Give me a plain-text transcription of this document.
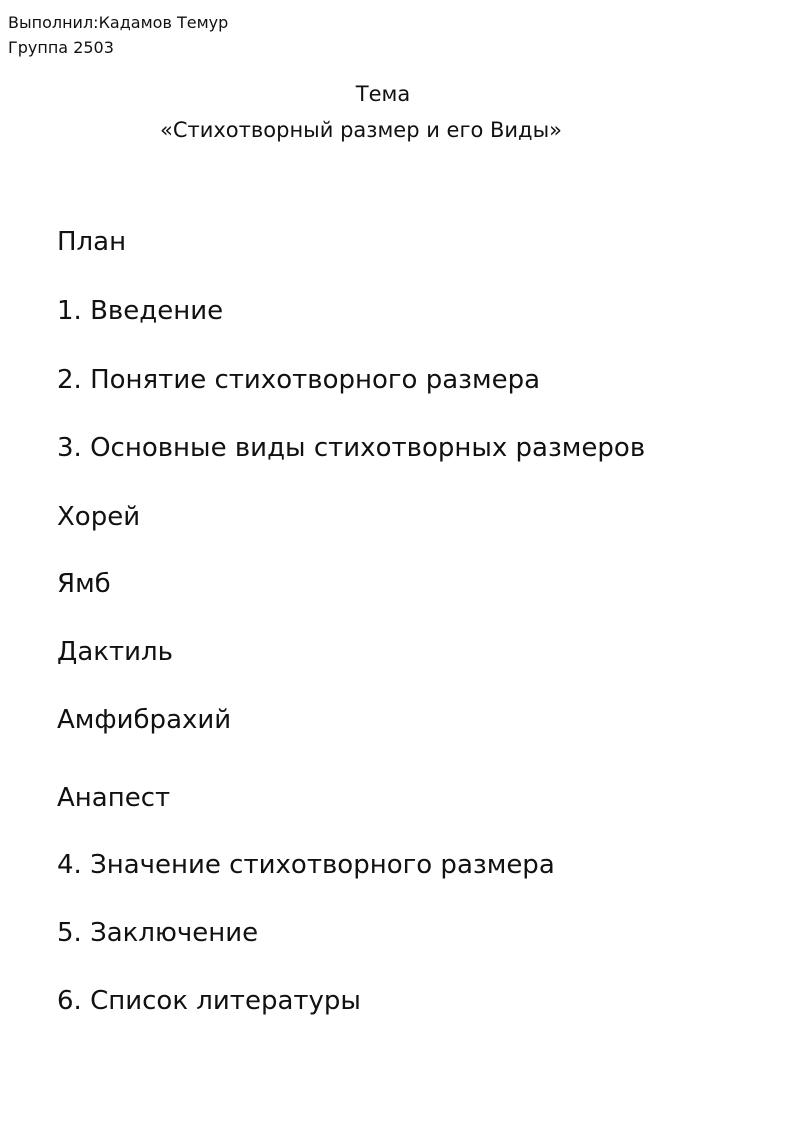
Выполнил:Кадамов Темур
Группа 2503
Тема
«Стихотворный размер и его Виды»
План
1. Введение
2. Понятие стихотворного размера
3. Основные виды стихотворных размеров
Хорей
Ямб
Дактиль
Амфибрахий
Анапест
4. Значение стихотворного размера
5. Заключение
6. Список литературы
